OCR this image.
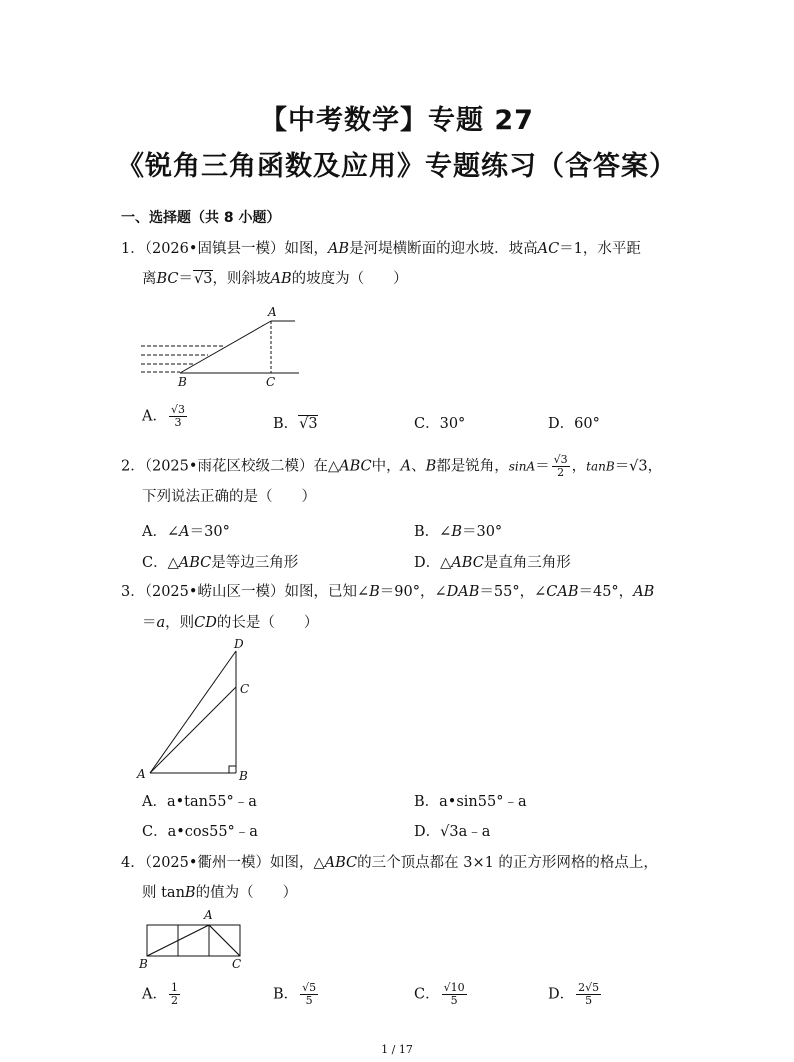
【中考数学】专题 27
《锐角三角函数及应用》专题练习（含答案）
一、选择题（共 8 小题）
1．（2026•固镇县一模）如图，AB是河堤横断面的迎水坡．坡高AC＝1，水平距
离BC＝√3，则斜坡AB的坡度为（　　）
A
B	C
A． $\frac{√3}{3}$	B．√3	C．30°	D．60°
2．（2025•雨花区校级二模）在△ABC中，A、B都是锐角，$\sin A= \frac{√3}{2}$ ，tanB＝√3，
下列说法正确的是（　　）
A．∠A＝30°	B．∠B＝30°
C．△ABC是等边三角形	D．△ABC是直角三角形
3．（2025•崂山区一模）如图，已知∠B＝90°，∠DAB＝55°，∠CAB＝45°，AB
＝a，则CD的长是（　　）
D
C
A	B
A．a•tan55°﹣a	B．a•sin55°﹣a
C．a•cos55°﹣a	D．√3a﹣a
4．（2025•衢州一模）如图，△ABC的三个顶点都在 3×1 的正方形网格的格点上，
则 tanB的值为（　　）
A
B	C
A． $\frac{1}{2}$	B． $\frac{√5}{5}$	C． $\frac{√10}{5}$	D． $\frac{2√5}{5}$
1 / 17
